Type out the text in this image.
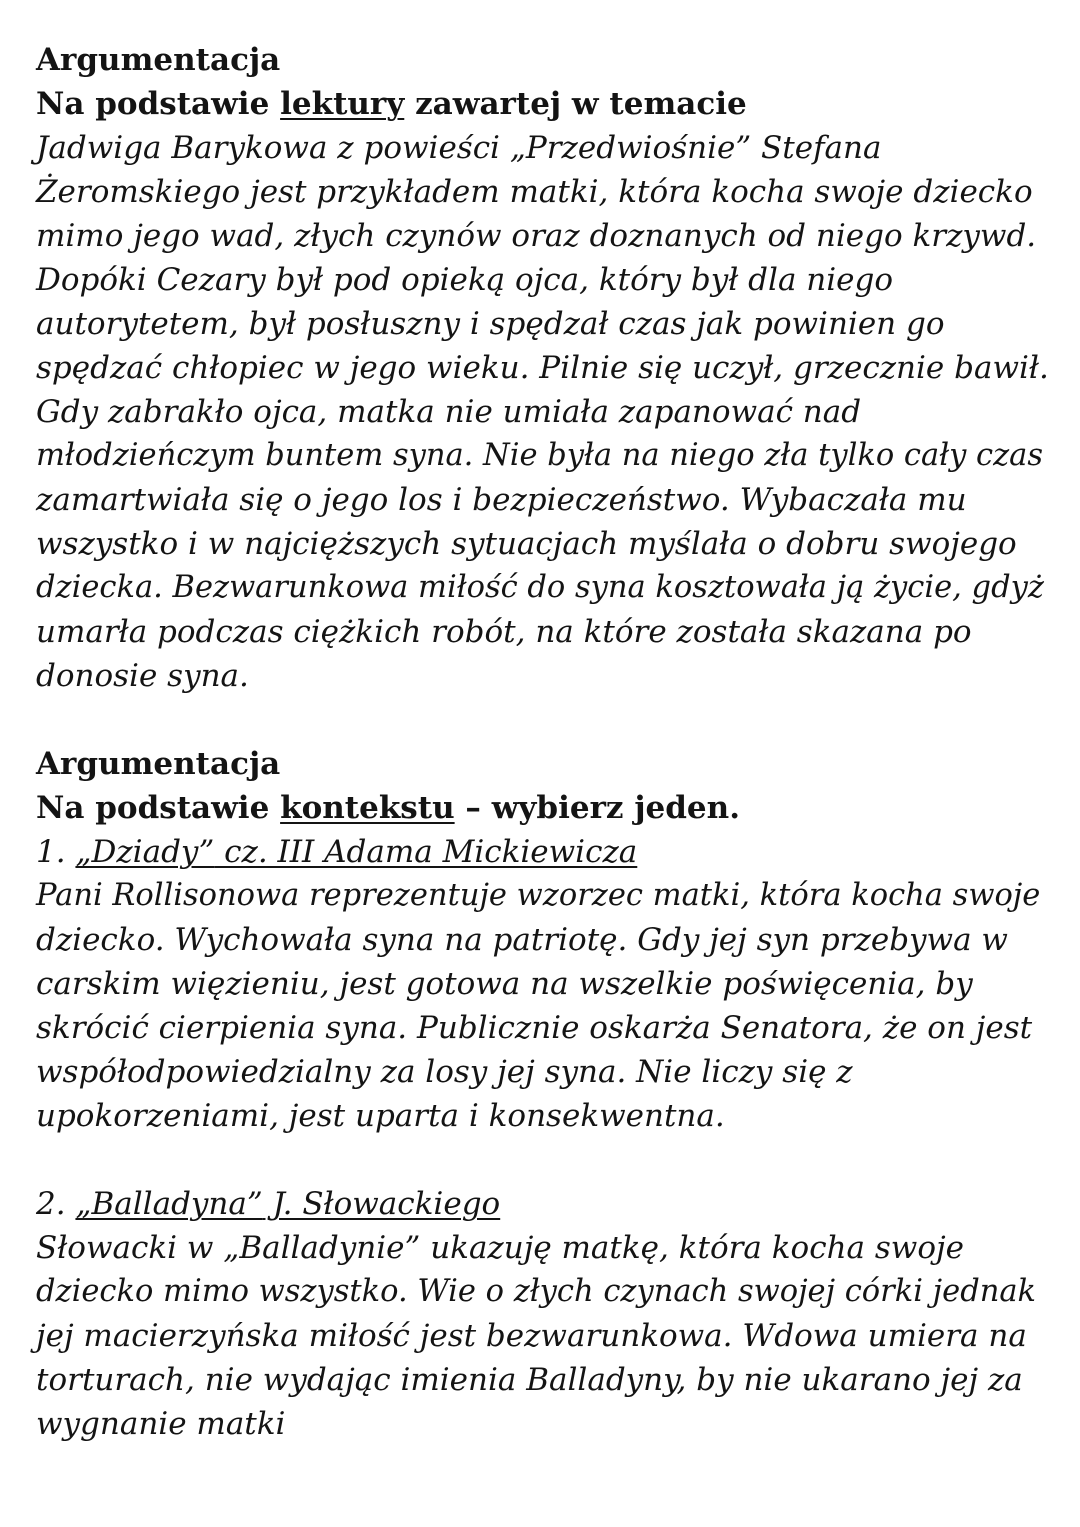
Argumentacja
Na podstawie lektury zawartej w temacie
Jadwiga Barykowa z powieści „Przedwiośnie” Stefana
Żeromskiego jest przykładem matki, która kocha swoje dziecko
mimo jego wad, złych czynów oraz doznanych od niego krzywd.
Dopóki Cezary był pod opieką ojca, który był dla niego
autorytetem, był posłuszny i spędzał czas jak powinien go
spędzać chłopiec w jego wieku. Pilnie się uczył, grzecznie bawił.
Gdy zabrakło ojca, matka nie umiała zapanować nad
młodzieńczym buntem syna. Nie była na niego zła tylko cały czas
zamartwiała się o jego los i bezpieczeństwo. Wybaczała mu
wszystko i w najcięższych sytuacjach myślała o dobru swojego
dziecka. Bezwarunkowa miłość do syna kosztowała ją życie, gdyż
umarła podczas ciężkich robót, na które została skazana po
donosie syna.
Argumentacja
Na podstawie kontekstu – wybierz jeden.
1. „Dziady” cz. III Adama Mickiewicza
Pani Rollisonowa reprezentuje wzorzec matki, która kocha swoje
dziecko. Wychowała syna na patriotę. Gdy jej syn przebywa w
carskim więzieniu, jest gotowa na wszelkie poświęcenia, by
skrócić cierpienia syna. Publicznie oskarża Senatora, że on jest
współodpowiedzialny za losy jej syna. Nie liczy się z
upokorzeniami, jest uparta i konsekwentna.
2. „Balladyna” J. Słowackiego
Słowacki w „Balladynie” ukazuję matkę, która kocha swoje
dziecko mimo wszystko. Wie o złych czynach swojej córki jednak
jej macierzyńska miłość jest bezwarunkowa. Wdowa umiera na
torturach, nie wydając imienia Balladyny, by nie ukarano jej za
wygnanie matki
